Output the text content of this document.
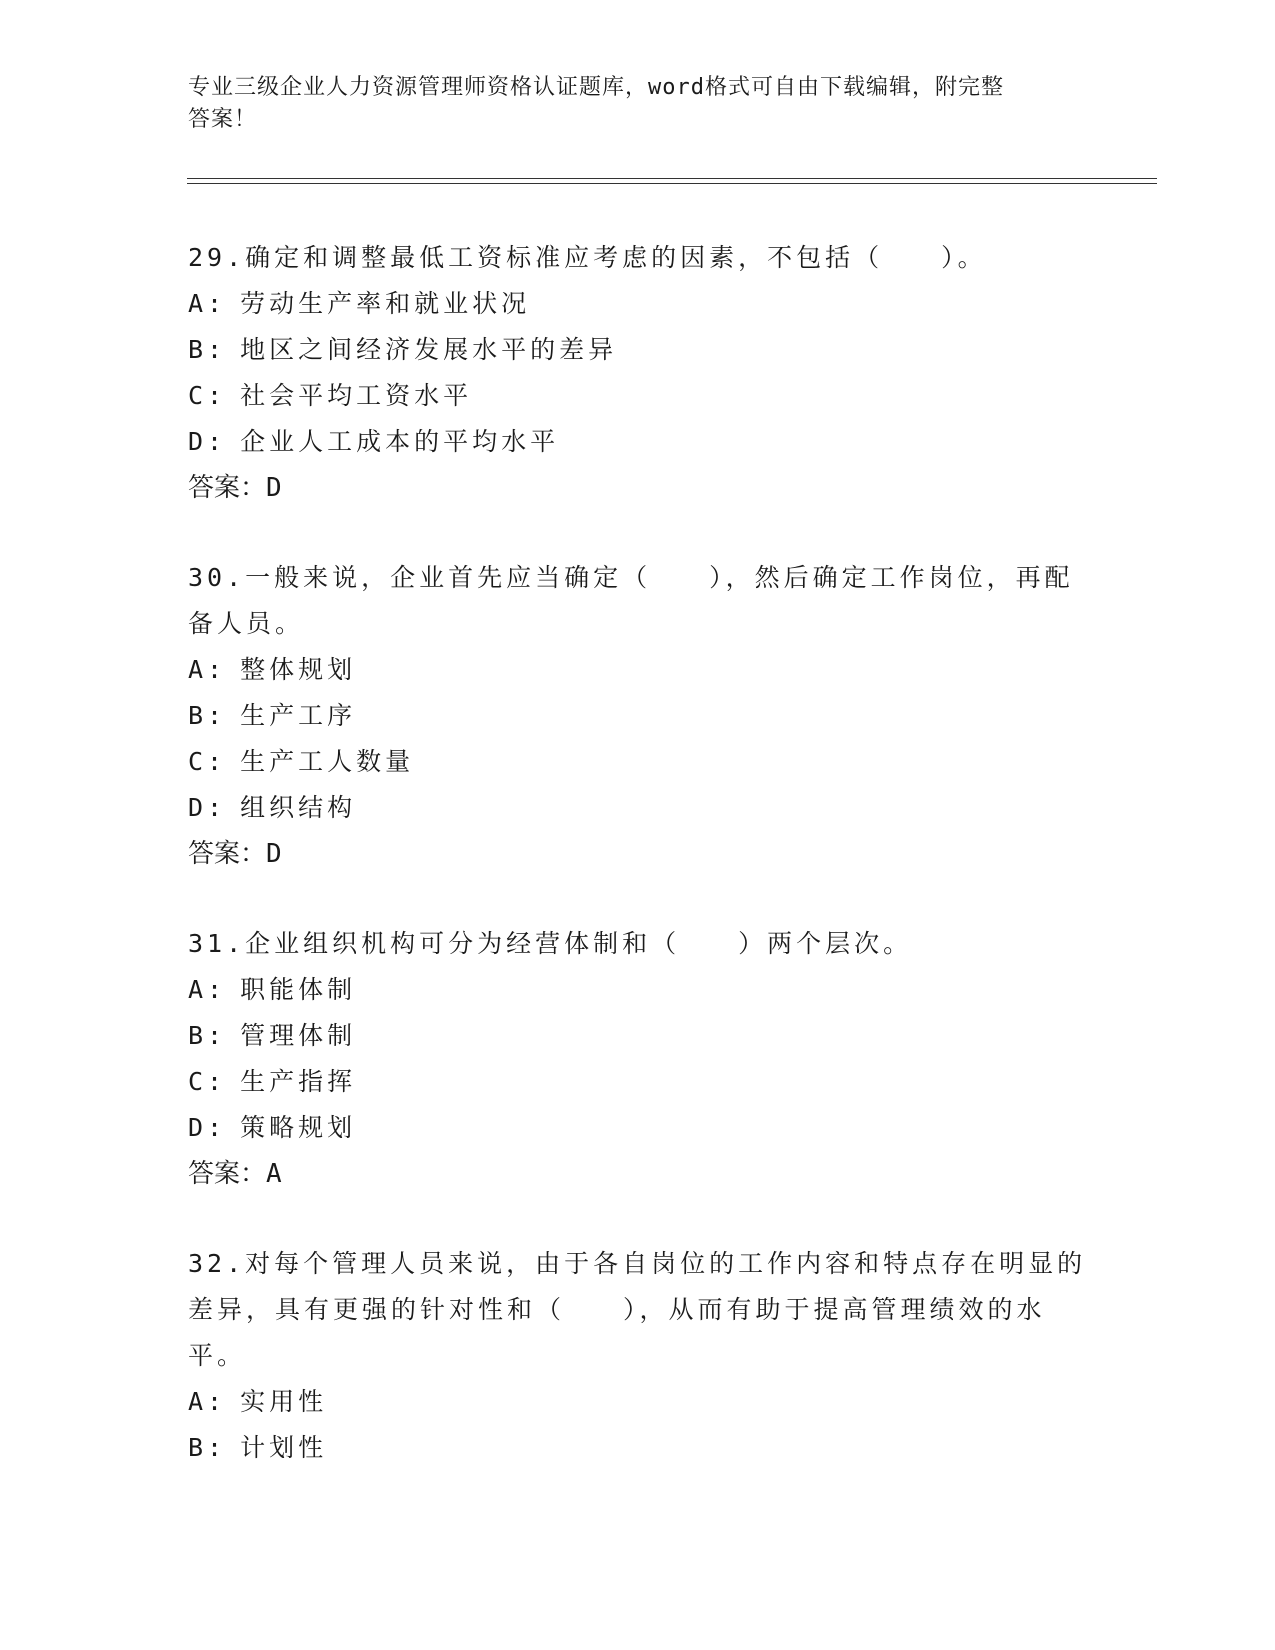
专业三级企业人力资源管理师资格认证题库，word格式可自由下载编辑，附完整
答案！

29.确定和调整最低工资标准应考虑的因素，不包括（　　）。

A: 劳动生产率和就业状况

B: 地区之间经济发展水平的差异

C: 社会平均工资水平

D: 企业人工成本的平均水平

答案：D

30.一般来说，企业首先应当确定（　　），然后确定工作岗位，再配

备人员。

A: 整体规划

B: 生产工序

C: 生产工人数量

D: 组织结构

答案：D

31.企业组织机构可分为经营体制和（　　）两个层次。

A: 职能体制

B: 管理体制

C: 生产指挥

D: 策略规划

答案：A

32.对每个管理人员来说，由于各自岗位的工作内容和特点存在明显的

差异，具有更强的针对性和（　　），从而有助于提高管理绩效的水

平。

A: 实用性

B: 计划性
